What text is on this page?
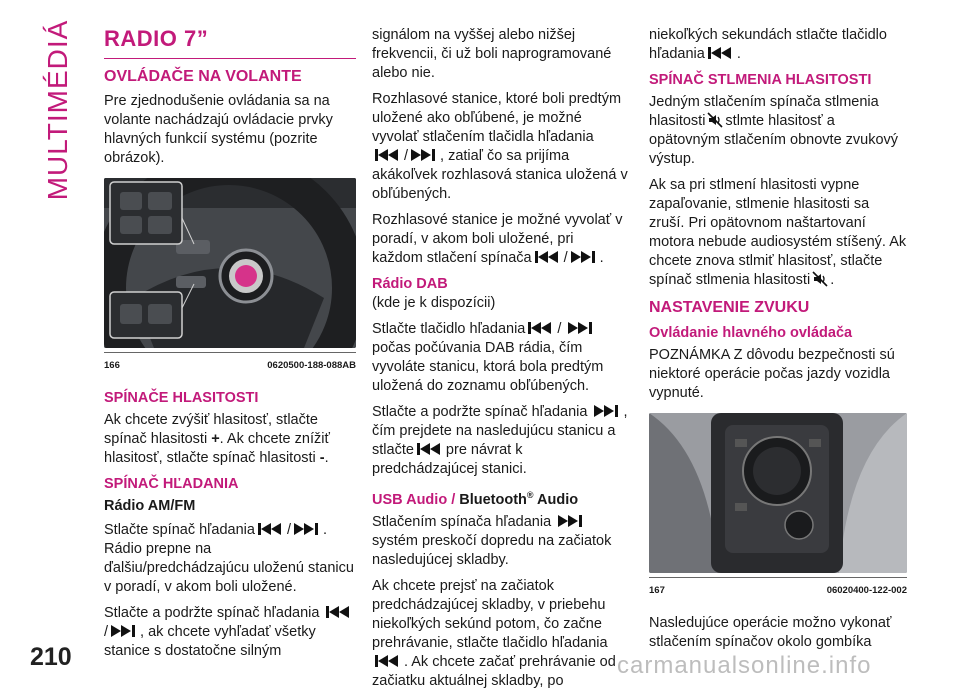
MULTIMÉDIÁ RADIO 7”
OVLÁDAČE NA VOLANTE

Pre zjednodušenie ovládania sa na volante nachádzajú ovládacie prvky hlavných funkcií systému (pozrite obrázok).

166	0620500-188-088AB
SPÍNAČE HLASITOSTI

Ak chcete zvýšiť hlasitosť, stlačte spínač hlasitosti +. Ak chcete znížiť hlasitosť, stlačte spínač hlasitosti -.

SPÍNAČ HĽADANIA
Rádio AM/FM

Stlačte spínač hľadania / . Rádio prepne na ďalšiu/predchádzajúcu uloženú stanicu v poradí, v akom boli uložené.

Stlačte a podržte spínač hľadania
/ , ak chcete vyhľadať všetky stanice s dostatočne silným

signálom na vyššej alebo nižšej frekvencii, či už boli naprogramované alebo nie.

Rozhlasové stanice, ktoré boli predtým uložené ako obľúbené, je možné vyvolať stlačením tlačidla hľadania
/ , zatiaľ čo sa prijíma akákoľvek rozhlasová stanica uložená v obľúbených.

Rozhlasové stanice je možné vyvolať v poradí, v akom boli uložené, pri každom stlačení spínača / .

Rádio DAB

(kde je k dispozícii)

Stlačte tlačidlo hľadania /
počas počúvania DAB rádia, čím vyvoláte stanicu, ktorá bola predtým uložená do zoznamu obľúbených.

Stlačte a podržte spínač hľadania , čím prejdete na nasledujúcu stanicu a stlačte pre návrat k predchádzajúcej stanici.

USB Audio / Bluetooth® Audio

Stlačením spínača hľadania
systém preskočí dopredu na začiatok nasledujúcej skladby.

Ak chcete prejsť na začiatok predchádzajúcej skladby, v priebehu niekoľkých sekúnd potom, čo začne prehrávanie, stlačte tlačidlo hľadania
. Ak chcete začať prehrávanie od začiatku aktuálnej skladby, po

niekoľkých sekundách stlačte tlačidlo hľadania .

SPÍNAČ STLMENIA HLASITOSTI

Jedným stlačením spínača stlmenia hlasitosti stlmte hlasitosť a opätovným stlačením obnovte zvukový výstup.

Ak sa pri stlmení hlasitosti vypne zapaľovanie, stlmenie hlasitosti sa zruší. Pri opätovnom naštartovaní motora nebude audiosystém stíšený. Ak chcete znova stlmiť hlasitosť, stlačte spínač stlmenia hlasitosti .

NASTAVENIE ZVUKU
Ovládanie hlavného ovládača

POZNÁMKA Z dôvodu bezpečnosti sú niektoré operácie počas jazdy vozidla vypnuté.

167	06020400-122-002

Nasledujúce operácie možno vykonať stlačením spínačov okolo gombíka

210	carmanualsonline.info
